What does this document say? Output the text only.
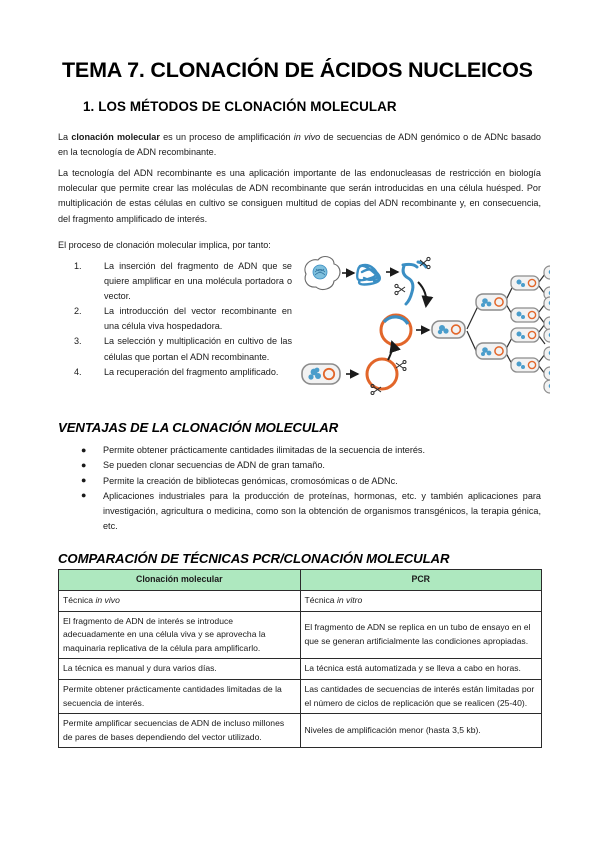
TEMA 7. CLONACIÓN DE ÁCIDOS NUCLEICOS
1. LOS MÉTODOS DE CLONACIÓN MOLECULAR
La clonación molecular es un proceso de amplificación in vivo de secuencias de ADN genómico o de ADNc basado en la tecnología de ADN recombinante.
La tecnología del ADN recombinante es una aplicación importante de las endonucleasas de restricción en biología molecular que permite crear las moléculas de ADN recombinante que serán introducidas en una célula huésped. Por multiplicación de estas células en cultivo se consiguen multitud de copias del ADN recombinante y, en consecuencia, del fragmento amplificado de interés.
El proceso de clonación molecular implica, por tanto:
1.	La inserción del fragmento de ADN que se quiere amplificar en una molécula portadora o vector.
2.	La introducción del vector recombinante en una célula viva hospedadora.
3.	La selección y multiplicación en cultivo de las células que portan el ADN recombinante.
4.	La recuperación del fragmento amplificado.
VENTAJAS DE LA CLONACIÓN MOLECULAR
● Permite obtener prácticamente cantidades ilimitadas de la secuencia de interés.
● Se pueden clonar secuencias de ADN de gran tamaño.
● Permite la creación de bibliotecas genómicas, cromosómicas o de ADNc.
● Aplicaciones industriales para la producción de proteínas, hormonas, etc. y también aplicaciones para investigación, agricultura o medicina, como son la obtención de organismos transgénicos, la terapia génica, etc.
COMPARACIÓN DE TÉCNICAS PCR/CLONACIÓN MOLECULAR
Clonación molecular	PCR
Técnica in vivo	Técnica in vitro
El fragmento de ADN de interés se introduce adecuadamente en una célula viva y se aprovecha la maquinaria replicativa de la célula para amplificarlo.	El fragmento de ADN se replica en un tubo de ensayo en el que se generan artificialmente las condiciones apropiadas.
La técnica es manual y dura varios días.	La técnica está automatizada y se lleva a cabo en horas.
Permite obtener prácticamente cantidades limitadas de la secuencia de interés.	Las cantidades de secuencias de interés están limitadas por el número de ciclos de replicación que se realicen (25-40).
Permite amplificar secuencias de ADN de incluso millones de pares de bases dependiendo del vector utilizado.	Niveles de amplificación menor (hasta 3,5 kb).
